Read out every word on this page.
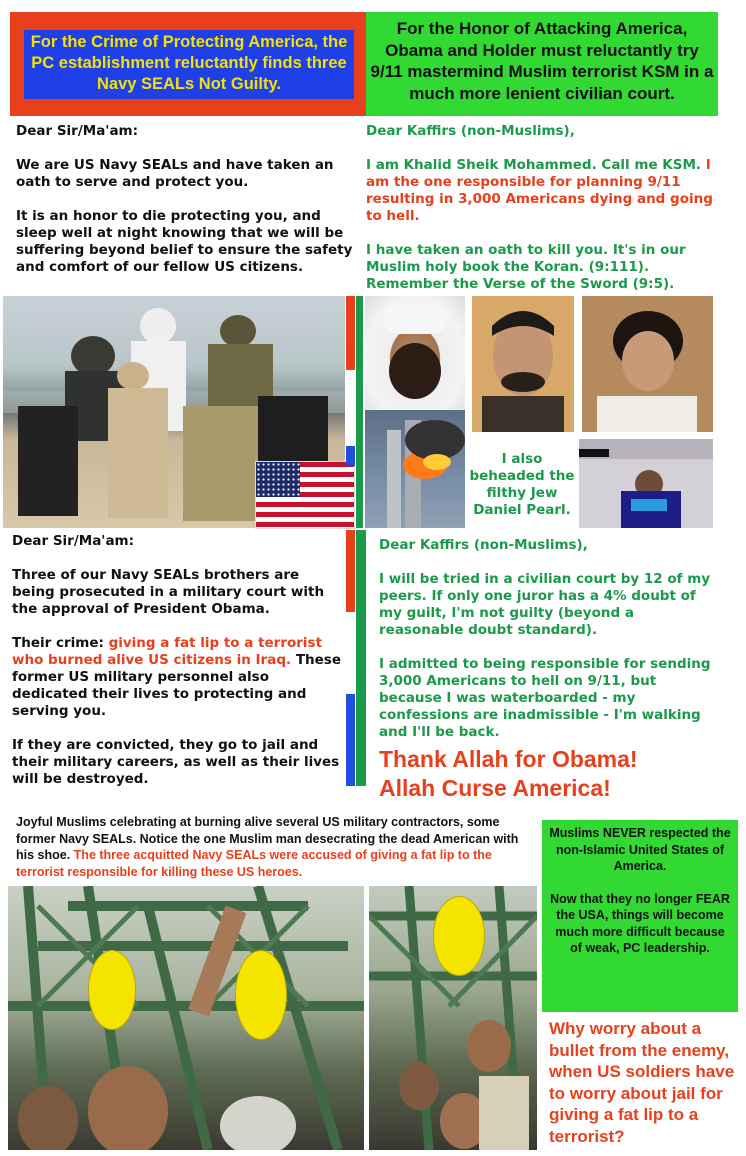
For the Crime of Protecting America, the PC establishment reluctantly finds three Navy SEALs Not Guilty.
For the Honor of Attacking America, Obama and Holder must reluctantly try 9/11 mastermind Muslim terrorist KSM in a much more lenient civilian court.

Dear Sir/Ma'am:

We are US Navy SEALs and have taken an oath to serve and protect you.

It is an honor to die protecting you, and sleep well at night knowing that we will be suffering beyond belief to ensure the safety and comfort of our fellow US citizens.

Dear Kaffirs (non-Muslims),

I am Khalid Sheik Mohammed. Call me KSM. I am the one responsible for planning 9/11 resulting in 3,000 Americans dying and going to hell.

I have taken an oath to kill you. It's in our Muslim holy book the Koran. (9:111). Remember the Verse of the Sword (9:5).

I also beheaded the filthy Jew Daniel Pearl.

Dear Sir/Ma'am:

Three of our Navy SEALs brothers are being prosecuted in a military court with the approval of President Obama.

Their crime: giving a fat lip to a terrorist who burned alive US citizens in Iraq. These former US military personnel also dedicated their lives to protecting and serving you.

If they are convicted, they go to jail and their military careers, as well as their lives will be destroyed.

Dear Kaffirs (non-Muslims),

I will be tried in a civilian court by 12 of my peers. If only one juror has a 4% doubt of my guilt, I'm not guilty (beyond a reasonable doubt standard).

I admitted to being responsible for sending 3,000 Americans to hell on 9/11, but because I was waterboarded - my confessions are inadmissible - I'm walking and I'll be back.

Thank Allah for Obama!
Allah Curse America!
Joyful Muslims celebrating at burning alive several US military contractors, some former Navy SEALs. Notice the one Muslim man desecrating the dead American with his shoe. The three acquitted Navy SEALs were accused of giving a fat lip to the terrorist responsible for killing these US heroes.

Muslims NEVER respected the non-Islamic United States of America.

Now that they no longer FEAR the USA, things will become much more difficult because of weak, PC leadership.

Why worry about a bullet from the enemy, when US soldiers have to worry about jail for giving a fat lip to a terrorist?
